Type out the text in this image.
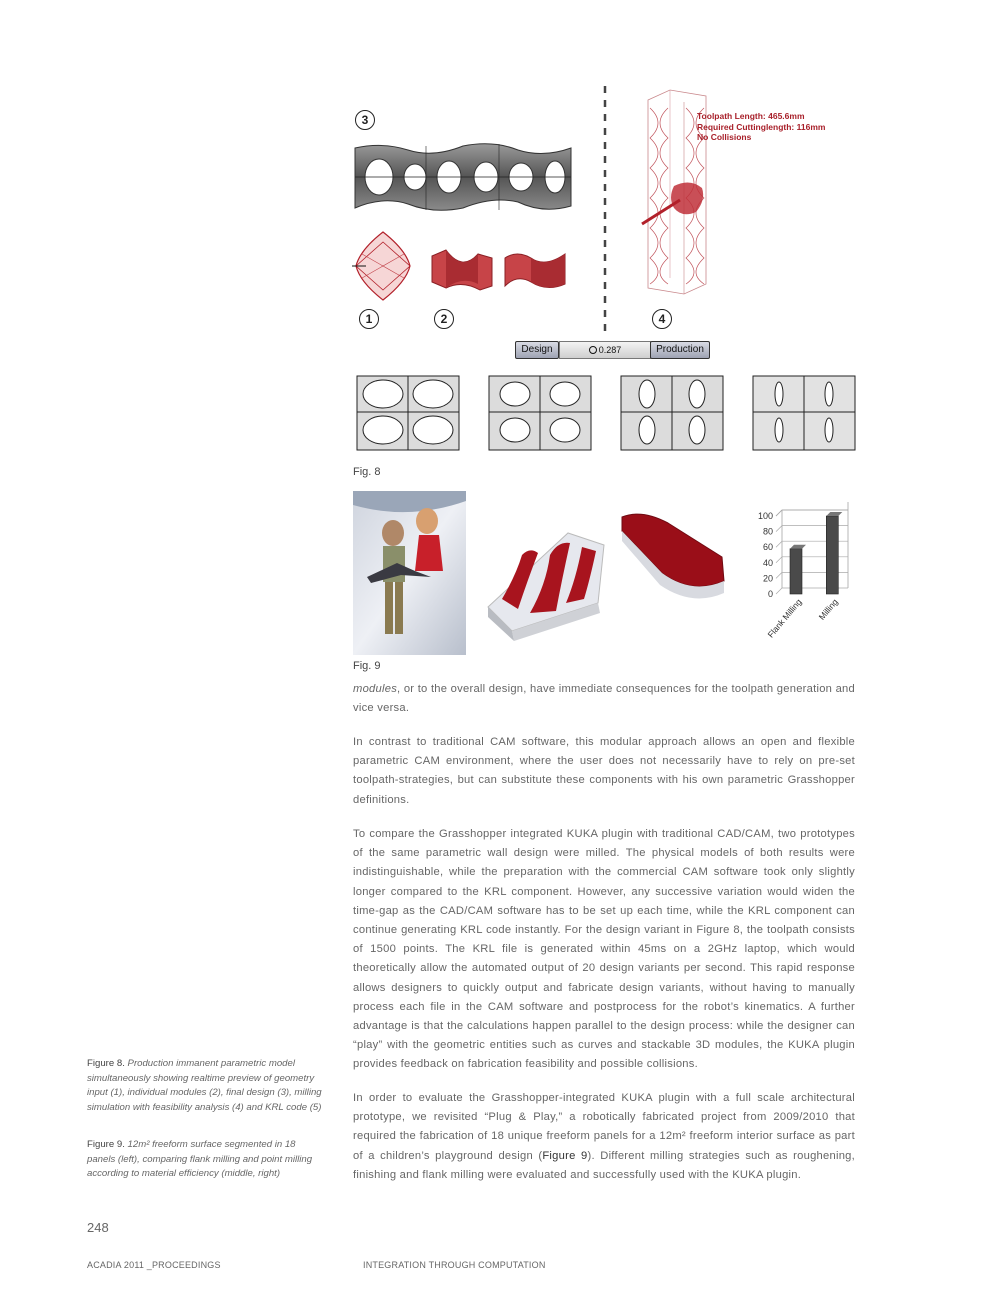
3
1	2	4
Toolpath Length: 465.6mm
Required Cuttinglength: 116mm
No Collisions
Design	0.287	Production
Fig. 8
100
80
60
40
20
0
Flank Milling Milling
Fig. 9

modules, or to the overall design, have immediate consequences for the toolpath generation and vice versa.

In contrast to traditional CAM software, this modular approach allows an open and flexible parametric CAM environment, where the user does not necessarily have to rely on pre-set toolpath-strategies, but can substitute these components with his own parametric Grasshopper definitions.

To compare the Grasshopper integrated KUKA plugin with traditional CAD/CAM, two prototypes of the same parametric wall design were milled. The physical models of both results were indistinguishable, while the preparation with the commercial CAM software took only slightly longer compared to the KRL component. However, any successive variation would widen the time-gap as the CAD/CAM software has to be set up each time, while the KRL component can continue generating KRL code instantly. For the design variant in Figure 8, the toolpath consists of 1500 points. The KRL file is generated within 45ms on a 2GHz laptop, which would theoretically allow the automated output of 20 design variants per second. This rapid response allows designers to quickly output and fabricate design variants, without having to manually process each file in the CAM software and postprocess for the robot’s kinematics. A further advantage is that the calculations happen parallel to the design process: while the designer can “play” with the geometric entities such as curves and stackable 3D modules, the KUKA plugin provides feedback on fabrication feasibility and possible collisions.

In order to evaluate the Grasshopper-integrated KUKA plugin with a full scale architectural prototype, we revisited “Plug & Play,” a robotically fabricated project from 2009/2010 that required the fabrication of 18 unique freeform panels for a 12m² freeform interior surface as part of a children’s playground design (Figure 9). Different milling strategies such as roughening, finishing and flank milling were evaluated and successfully used with the KUKA plugin.

Figure 8. Production immanent parametric model simultaneously showing realtime preview of geometry input (1), individual modules (2), final design (3), milling simulation with feasibility analysis (4) and KRL code (5)

Figure 9. 12m² freeform surface segmented in 18 panels (left), comparing flank milling and point milling according to material efficiency (middle, right)

248
ACADIA 2011 _PROCEEDINGS	INTEGRATION THROUGH COMPUTATION
